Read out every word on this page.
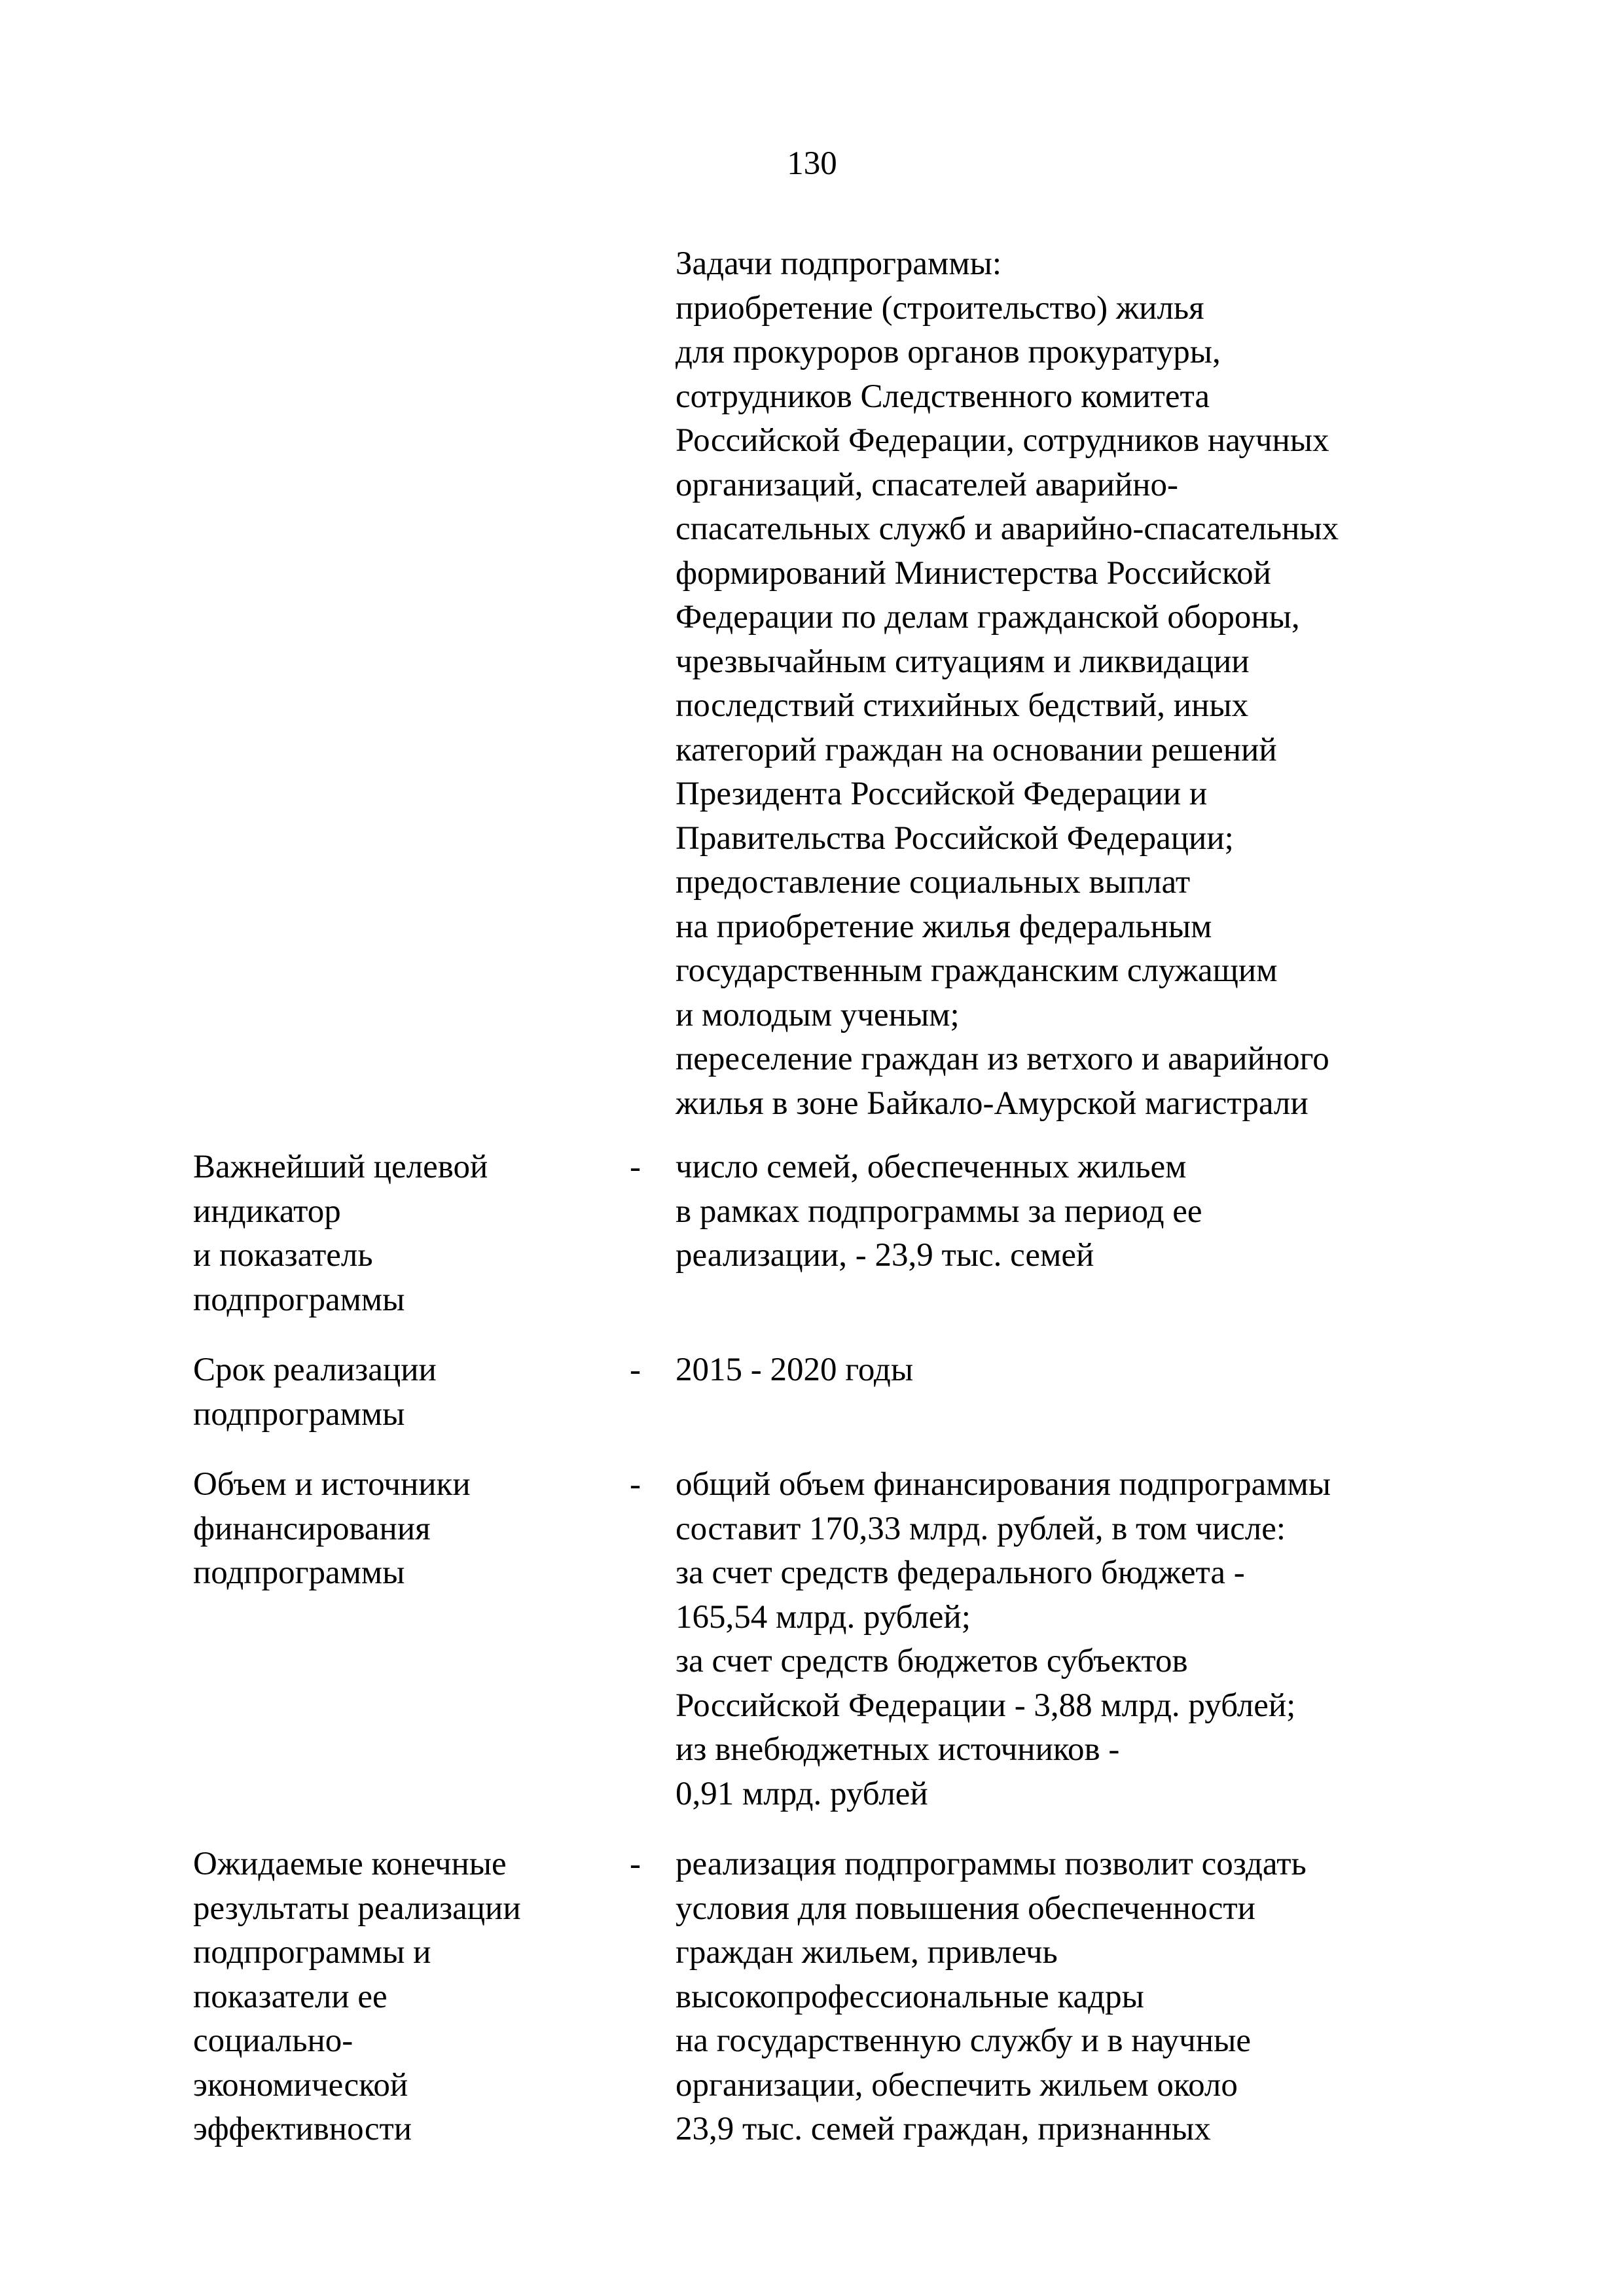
130
Задачи подпрограммы:
приобретение (строительство) жилья
для прокуроров органов прокуратуры,
сотрудников Следственного комитета
Российской Федерации, сотрудников научных
организаций, спасателей аварийно-
спасательных служб и аварийно-спасательных
формирований Министерства Российской
Федерации по делам гражданской обороны,
чрезвычайным ситуациям и ликвидации
последствий стихийных бедствий, иных
категорий граждан на основании решений
Президента Российской Федерации и
Правительства Российской Федерации;
предоставление социальных выплат
на приобретение жилья федеральным
государственным гражданским служащим
и молодым ученым;
переселение граждан из ветхого и аварийного
жилья в зоне Байкало-Амурской магистрали
Важнейший целевой
индикатор
и показатель
подпрограммы
- число семей, обеспеченных жильем
в рамках подпрограммы за период ее
реализации, - 23,9 тыс. семей
Срок реализации
подпрограммы
- 2015 - 2020 годы
Объем и источники
финансирования
подпрограммы
- общий объем финансирования подпрограммы
составит 170,33 млрд. рублей, в том числе:
за счет средств федерального бюджета -
165,54 млрд. рублей;
за счет средств бюджетов субъектов
Российской Федерации - 3,88 млрд. рублей;
из внебюджетных источников -
0,91 млрд. рублей
Ожидаемые конечные
результаты реализации
подпрограммы и
показатели ее
социально-
экономической
эффективности
- реализация подпрограммы позволит создать
условия для повышения обеспеченности
граждан жильем, привлечь
высокопрофессиональные кадры
на государственную службу и в научные
организации, обеспечить жильем около
23,9 тыс. семей граждан, признанных
